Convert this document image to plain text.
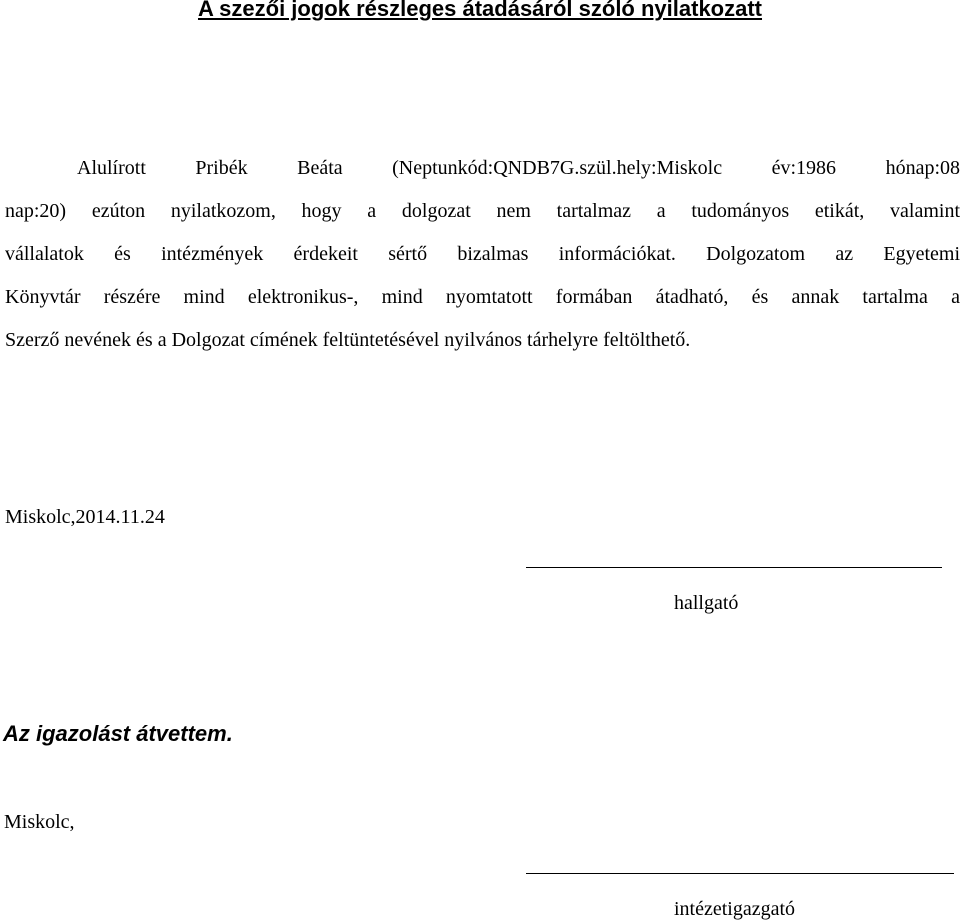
A szezői jogok részleges átadásáról szóló nyilatkozatt

Alulírott Pribék Beáta (Neptunkód:QNDB7G.szül.hely:Miskolc év:1986 hónap:08
nap:20) ezúton nyilatkozom, hogy a dolgozat nem tartalmaz a tudományos etikát, valamint
vállalatok és intézmények érdekeit sértő bizalmas információkat. Dolgozatom az Egyetemi
Könyvtár részére mind elektronikus-, mind nyomtatott formában átadható, és annak tartalma a
Szerző nevének és a Dolgozat címének feltüntetésével nyilvános tárhelyre feltölthető.

Miskolc,2014.11.24

hallgató

Az igazolást átvettem.

Miskolc,

intézetigazgató
